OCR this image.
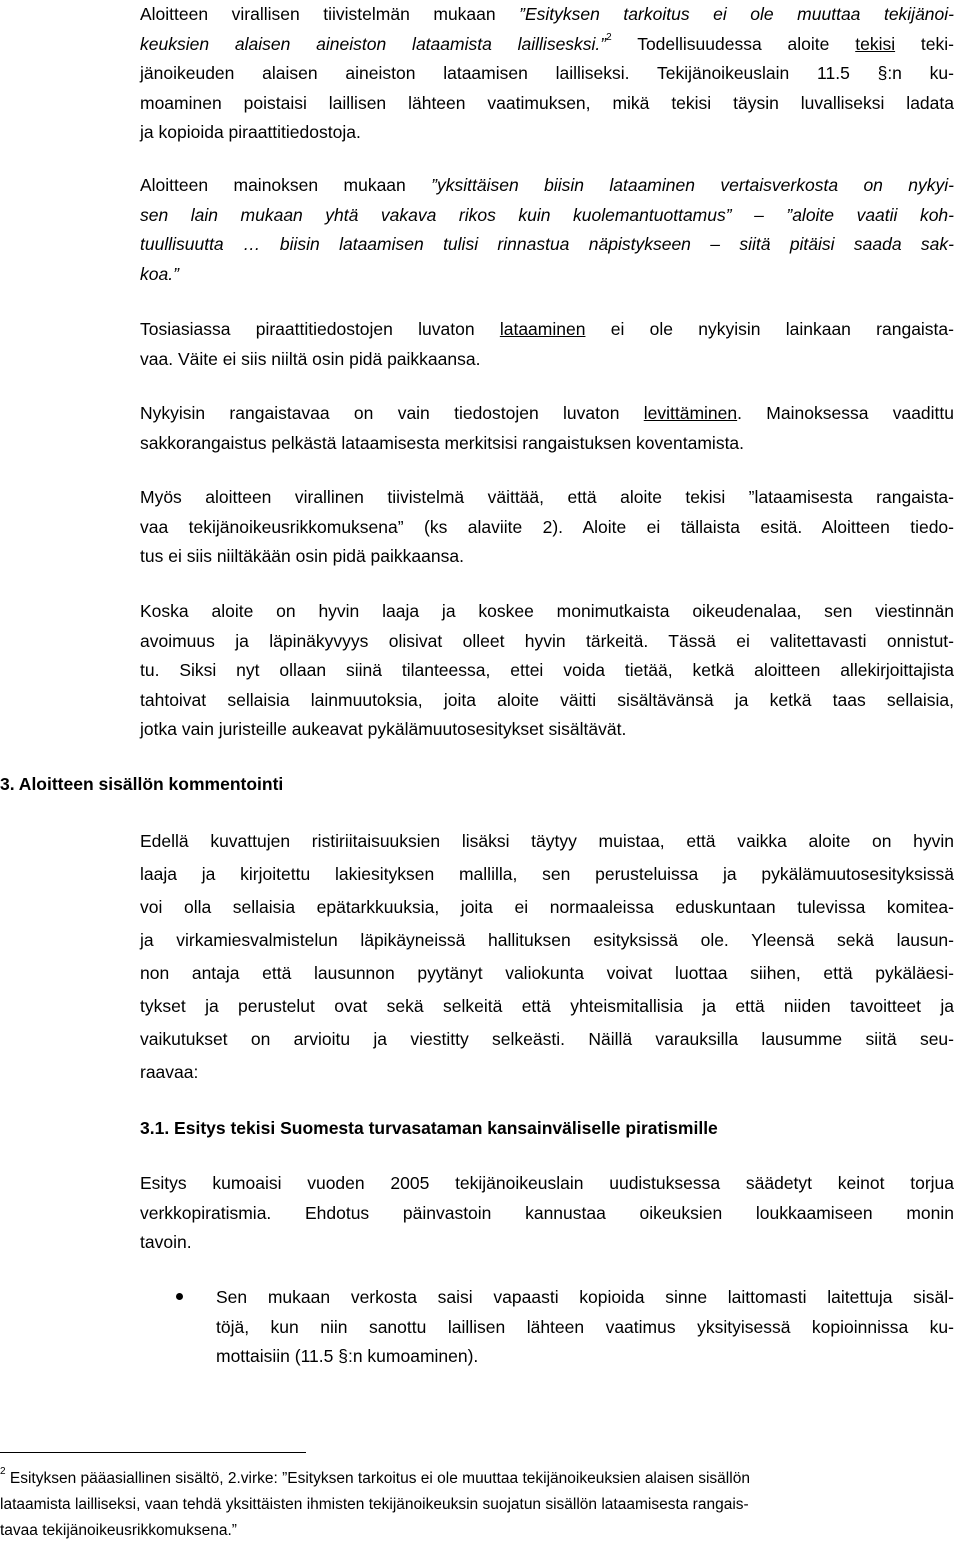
Aloitteen virallisen tiivistelmän mukaan ”Esityksen tarkoitus ei ole muuttaa tekijänoi-
keuksien alaisen aineiston lataamista laillisesksi.”$^2$ Todellisuudessa aloite tekisi teki-
jänoikeuden alaisen aineiston lataamisen lailliseksi. Tekijänoikeuslain 11.5 §:n ku-
moaminen poistaisi laillisen lähteen vaatimuksen, mikä tekisi täysin luvalliseksi ladata
ja kopioida piraattitiedostoja.
Aloitteen mainoksen mukaan ”yksittäisen biisin lataaminen vertaisverkosta on nykyi-
sen lain mukaan yhtä vakava rikos kuin kuolemantuottamus” – ”aloite vaatii koh-
tuullisuutta … biisin lataamisen tulisi rinnastua näpistykseen – siitä pitäisi saada sak-
koa.”
Tosiasiassa piraattitiedostojen luvaton lataaminen ei ole nykyisin lainkaan rangaista-
vaa. Väite ei siis niiltä osin pidä paikkaansa.
Nykyisin rangaistavaa on vain tiedostojen luvaton levittäminen. Mainoksessa vaadittu
sakkorangaistus pelkästä lataamisesta merkitsisi rangaistuksen koventamista.
Myös aloitteen virallinen tiivistelmä väittää, että aloite tekisi ”lataamisesta rangaista-
vaa tekijänoikeusrikkomuksena” (ks alaviite 2). Aloite ei tällaista esitä. Aloitteen tiedo-
tus ei siis niiltäkään osin pidä paikkaansa.
Koska aloite on hyvin laaja ja koskee monimutkaista oikeudenalaa, sen viestinnän
avoimuus ja läpinäkyvyys olisivat olleet hyvin tärkeitä. Tässä ei valitettavasti onnistut-
tu. Siksi nyt ollaan siinä tilanteessa, ettei voida tietää, ketkä aloitteen allekirjoittajista
tahtoivat sellaisia lainmuutoksia, joita aloite väitti sisältävänsä ja ketkä taas sellaisia,
jotka vain juristeille aukeavat pykälämuutosesitykset sisältävät.
3. Aloitteen sisällön kommentointi
Edellä kuvattujen ristiriitaisuuksien lisäksi täytyy muistaa, että vaikka aloite on hyvin
laaja ja kirjoitettu lakiesityksen mallilla, sen perusteluissa ja pykälämuutosesityksissä
voi olla sellaisia epätarkkuuksia, joita ei normaaleissa eduskuntaan tulevissa komitea-
ja virkamiesvalmistelun läpikäyneissä hallituksen esityksissä ole. Yleensä sekä lausun-
non antaja että lausunnon pyytänyt valiokunta voivat luottaa siihen, että pykäläesi-
tykset ja perustelut ovat sekä selkeitä että yhteismitallisia ja että niiden tavoitteet ja
vaikutukset on arvioitu ja viestitty selkeästi. Näillä varauksilla lausumme siitä seu-
raavaa:
3.1. Esitys tekisi Suomesta turvasataman kansainväliselle piratismille
Esitys kumoaisi vuoden 2005 tekijänoikeuslain uudistuksessa säädetyt keinot torjua
verkkopiratismia. Ehdotus päinvastoin kannustaa oikeuksien loukkaamiseen monin
tavoin.
Sen mukaan verkosta saisi vapaasti kopioida sinne laittomasti laitettuja sisäl-
töjä, kun niin sanottu laillisen lähteen vaatimus yksityisessä kopioinnissa ku-
mottaisiin (11.5 §:n kumoaminen).
$^2$ Esityksen pääasiallinen sisältö, 2.virke: ”Esityksen tarkoitus ei ole muuttaa tekijänoikeuksien alaisen sisällön
lataamista lailliseksi, vaan tehdä yksittäisten ihmisten tekijänoikeuksin suojatun sisällön lataamisesta rangais-
tavaa tekijänoikeusrikkomuksena.”
